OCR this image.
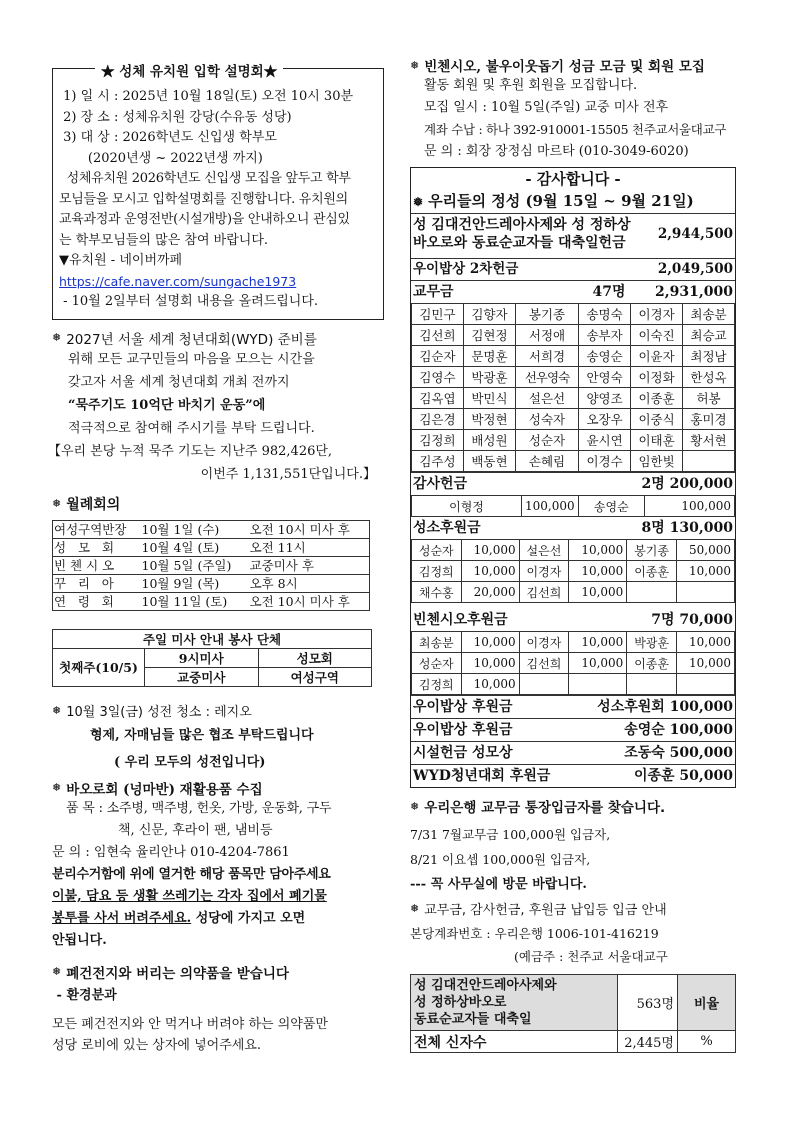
★ 성체 유치원 입학 설명회★
1) 일 시 : 2025년 10월 18일(토) 오전 10시 30분
2) 장 소 : 성체유치원 강당(수유동 성당)
3) 대 상 : 2026학년도 신입생 학부모
(2020년생 ~ 2022년생 까지)
성체유치원 2026학년도 신입생 모집을 앞두고 학부
모님들을 모시고 입학설명회를 진행합니다. 유치원의
교육과정과 운영전반(시설개방)을 안내하오니 관심있
는 학부모님들의 많은 참여 바랍니다.
▼유치원 - 네이버까페
https://cafe.naver.com/sungache1973
- 10월 2일부터 설명회 내용을 올려드립니다.
❅ 2027년 서울 세계 청년대회(WYD) 준비를
위해 모든 교구민들의 마음을 모으는 시간을
갖고자 서울 세계 청년대회 개최 전까지
“묵주기도 10억단 바치기 운동”에
적극적으로 참여해 주시기를 부탁 드립니다.
【우리 본당 누적 묵주 기도는 지난주 982,426단,
이번주 1,131,551단입니다.】
❅ 월례회의
여성구역반장	10월 1일 (수)	오전 10시 미사 후
성   모   회	10월 4일 (토)	오전 11시
빈 첸 시 오	10월 5일 (주일)	교중미사 후
꾸       리       아	10월 9일 (목)	오후 8시
연       령       회	10월 11일 (토)	오전 10시 미사 후
주일 미사 안내 봉사 단체		
첫째주(10/5)	9시미사	성모회
	교중미사	여성구역
❅ 10월 3일(금) 성전 청소 : 레지오
형제, 자매님들 많은 협조 부탁드립니다
( 우리 모두의 성전입니다)
❅ 바오로회 (넝마반) 재활용품 수집
품 목 : 소주병, 맥주병, 헌옷, 가방, 운동화, 구두
책, 신문, 후라이 팬, 냄비등
문 의 : 임현숙 율리안나 010-4204-7861
분리수거함에 위에 열거한 해당 품목만 담아주세요
이불, 담요 등 생활 쓰레기는 각자 집에서 폐기물
봉투를 사서 버려주세요. 성당에 가지고 오면
안됩니다.
❅ 폐건전지와 버리는 의약품을 받습니다
- 환경분과
모든 폐건전지와 안 먹거나 버려야 하는 의약품만
성당 로비에 있는 상자에 넣어주세요.
❅ 빈첸시오, 불우이웃돕기 성금 모금 및 회원 모집
활동 회원 및 후원 회원을 모집합니다.
모집 일시 : 10월 5일(주일) 교중 미사 전후
계좌 수납 : 하나 392-910001-15505 천주교서울대교구
문 의 : 회장 장정심 마르타 (010-3049-6020)
- 감사합니다 -
❅ 우리들의 정성 (9월 15일 ~ 9월 21일)
성 김대건안드레아사제와 성 정하상
바오로와 동료순교자들 대축일헌금
2,944,500
우이밥상 2차헌금	2,049,500
교무금	47명 2,931,000
김민구	김향자	봉기종	송명숙	이경자	최송분
김선희	김현정	서정애	송부자	이숙진	최승교
김순자	문명훈	서희경	송영순	이윤자	최정남
김영수	박광훈	선우영숙	안영숙	이정화	한성옥
김옥엽	박민식	설은선	양영조	이종훈	허봉
김은경	박정현	성숙자	오장우	이중식	홍미경
김정희	배성원	성순자	윤시연	이태훈	황서현
김주성	백동현	손혜림	이경수	임한빛	
감사헌금	2명 200,000
이형정	100,000	송영순	100,000
성소후원금	8명 130,000
성순자	10,000	설은선	10,000	봉기종	50,000
김정희	10,000	이경자	10,000	이종훈	10,000
채수홍	20,000	김선희	10,000		
빈첸시오후원금	7명 70,000
최송분	10,000	이경자	10,000	박광훈	10,000
성순자	10,000	김선희	10,000	이종훈	10,000
김정희	10,000				
우이밥상 후원금	성소후원회 100,000
우이밥상 후원금	송영순 100,000
시설헌금 성모상	조동숙 500,000
WYD청년대회 후원금	이종훈 50,000
❅ 우리은행 교무금 통장입금자를 찾습니다.
7/31 7월교무금 100,000원 입금자,
8/21 이요셉 100,000원 입금자,
--- 꼭 사무실에 방문 바랍니다.
❅ 교무금, 감사헌금, 후원금 납입등 입금 안내
본당계좌번호 : 우리은행 1006-101-416219
(예금주 : 천주교 서울대교구
성 김대건안드레아사제와
성 정하상바오로
동료순교자들 대축일	563명	비율
전체 신자수	2,445명	%
